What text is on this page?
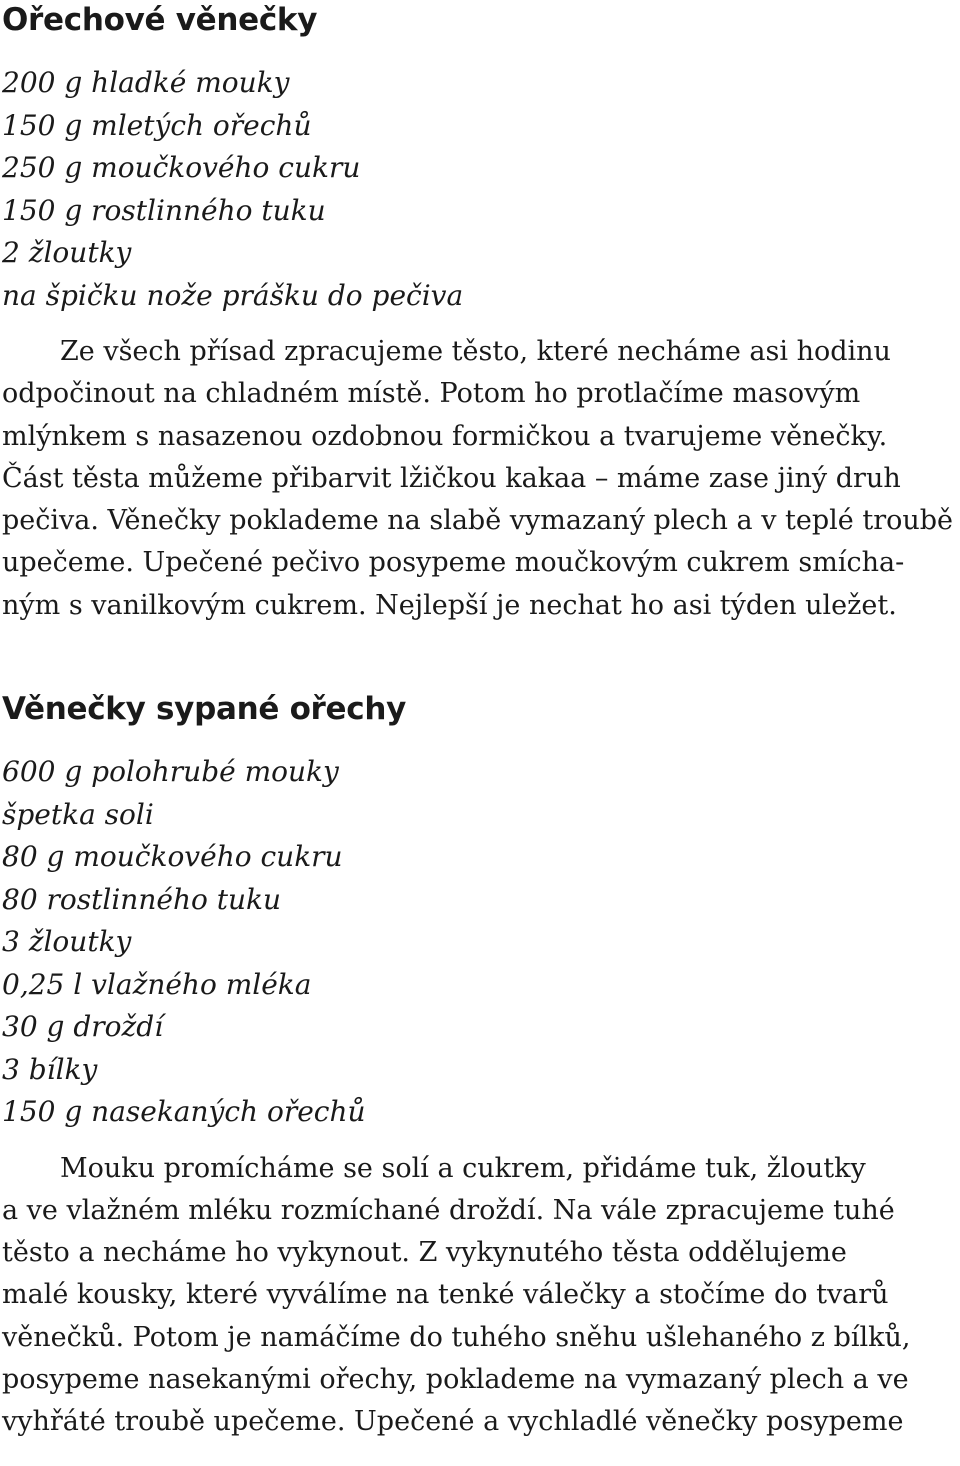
Ořechové věnečky
200 g hladké mouky
150 g mletých ořechů
250 g moučkového cukru
150 g rostlinného tuku
2 žloutky
na špičku nože prášku do pečiva

Ze všech přísad zpracujeme těsto, které necháme asi hodinu
odpočinout na chladném místě. Potom ho protlačíme masovým
mlýnkem s nasazenou ozdobnou formičkou a tvarujeme věnečky.
Část těsta můžeme přibarvit lžičkou kakaa – máme zase jiný druh
pečiva. Věnečky poklademe na slabě vymazaný plech a v teplé troubě
upečeme. Upečené pečivo posypeme moučkovým cukrem smícha-
ným s vanilkovým cukrem. Nejlepší je nechat ho asi týden uležet.

Věnečky sypané ořechy
600 g polohrubé mouky
špetka soli
80 g moučkového cukru
80 rostlinného tuku
3 žloutky
0,25 l vlažného mléka
30 g droždí
3 bílky
150 g nasekaných ořechů

Mouku promícháme se solí a cukrem, přidáme tuk, žloutky
a ve vlažném mléku rozmíchané droždí. Na vále zpracujeme tuhé
těsto a necháme ho vykynout. Z vykynutého těsta oddělujeme
malé kousky, které vyválíme na tenké válečky a stočíme do tvarů
věnečků. Potom je namáčíme do tuhého sněhu ušlehaného z bílků,
posypeme nasekanými ořechy, poklademe na vymazaný plech a ve
vyhřáté troubě upečeme. Upečené a vychladlé věnečky posypeme
